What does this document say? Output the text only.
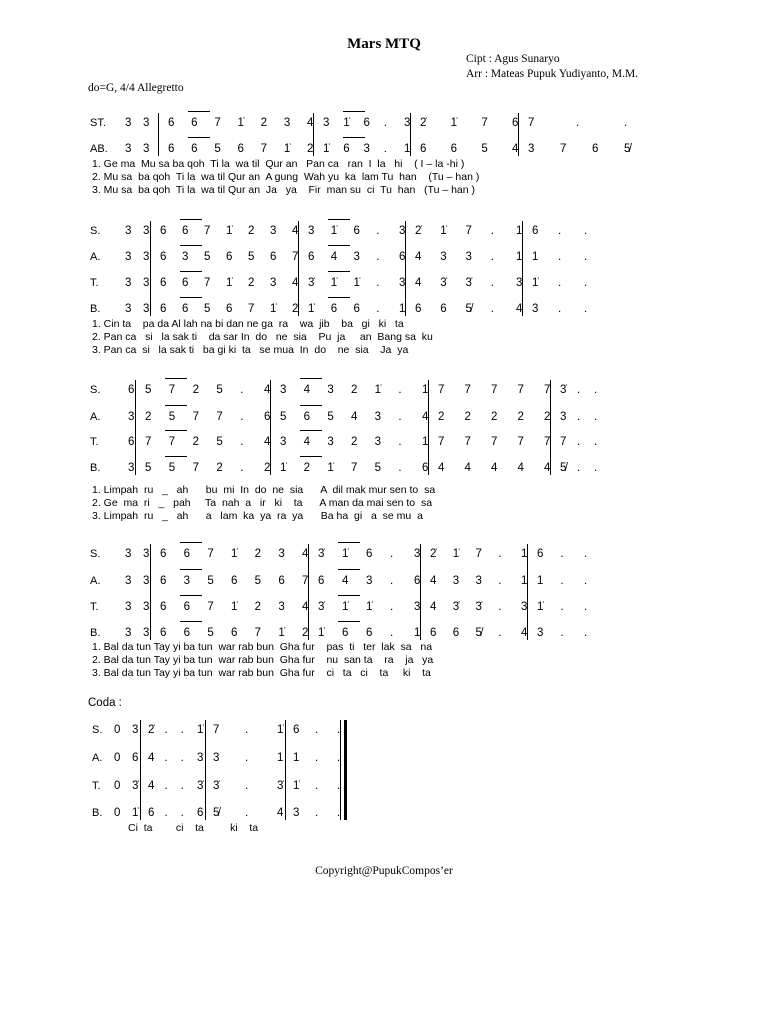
Mars MTQ
Cipt : Agus Sunaryo
Arr : Mateas Pupuk Yudiyanto, M.M.
do=G, 4/4 Allegretto
Copyright@PupukCompos’er
ST. 3 3 6 6 7 1̇ 2 3 4 3 1̇ 6 . 3 2̇ 1̇ 7 6 7	.	.
AB. 3 3 6 6 5 6 7 1̇ 2̇ 1̇ 6 3 . 1̇ 6 6 5 4 3 7 6 5̸
1. Ge ma  Mu sa ba qoh  Ti la  wa til  Qur an   Pan ca   ran  I  la   hi    ( I – la -hi )
2. Mu sa  ba qoh  Ti la  wa til Qur an  A gung  Wah yu  ka  lam Tu  han    (Tu – han )
3. Mu sa  ba qoh  Ti la  wa til Qur an  Ja   ya    Fir  man su  ci  Tu  han   (Tu – han )
S. 3 3 6 6 7 1̇ 2 3 4 3 1̇ 6 . 3 2̇ 1̇ 7 . 1̇ 6 . .
A. 3 3 6 3 5 6 5 6 7 6 4 3 . 6 4 3 3 . 1 1 . .
T. 3 3 6 6 7 1̇ 2 3 4 3̇ 1̇ 1̇ . 3 4 3̇ 3̇ . 3̇ 1̇ . .
B. 3 3 6 6 5 6 7 1̇ 2̇ 1̇ 6 6 . 1̇ 6 6 5̸ . 4 3 . .
1. Cin ta    pa da Al lah na bi dan ne ga  ra    wa  jib    ba   gi   ki   ta
2. Pan ca   si   la sak ti    da sar In  do   ne  sia    Pu  ja     an  Bang sa  ku
3. Pan ca  si   la sak ti   ba gi ki  ta   se mua  In  do    ne  sia    Ja  ya
S. 6 5 7 2 5 . 4 3 4 3 2 1̇ . 1̇ 7 7 7 7 7 3̇ . .
A. 3 2 5 7 7 . 6 5 6 5 4 3 . 4 2 2 2 2 2 3 . .
T.	6 7 7 2 5 . 4 3 4 3 2 3 . 1̇ 7 7 7 7 7 7 . .
B. 3 5 5 7 2 . 2̇ 1̇ 2 1̇ 7 5 . 6 4 4 4 4 4 5̸ . .
1. Limpah  ru   _   ah      bu  mi  In  do  ne  sia      A  dil mak mur sen to  sa
2. Ge  ma  ri   _   pah     Ta  nah  a   ir   ki    ta      A man da mai sen to  sa
3. Limpah  ru   _   ah      a   lam  ka  ya  ra  ya      Ba ha  gi   a  se mu  a
S. 3 3 6 6 7 1̇ 2 3 4 3̇ 1̇ 6 . 3 2̇ 1̇ 7 . 1̇ 6 . .
A. 3 3 6 3 5 6 5 6 7 6 4 3 . 6 4 3 3 . 1 1 . .
T. 3 3 6 6 7 1̇ 2 3 4 3̇ 1̇ 1̇ . 3 4 3̇ 3̇ . 3̇ 1̇ . .
B. 3 3 6 6 5 6 7 1̇ 2̇ 1̇ 6 6 . 1̇ 6 6 5̸ . 4 3 . .
1. Bal da tun Tay yi ba tun  war rab bun  Gha fur    pas  ti   ter  lak  sa   na
2. Bal da tun Tay yi ba tun  war rab bun  Gha fur    nu  san ta    ra    ja   ya
3. Bal da tun Tay yi ba tun  war rab bun  Gha fur    ci   ta   ci    ta     ki    ta
Coda :
S. 0 3 2̇ . . 1̇ 7 .	1̇ 6 . .
A. 0 6 4 . . 3 3 .	1 1 . .
T. 0 3̇ 4 . . 3̇ 3̇ .	3̇ 1̇ . .
B. 0 1̇ 6 . . 6 5̸ .	4 3 . .
Ci  ta        ci    ta         ki    ta
